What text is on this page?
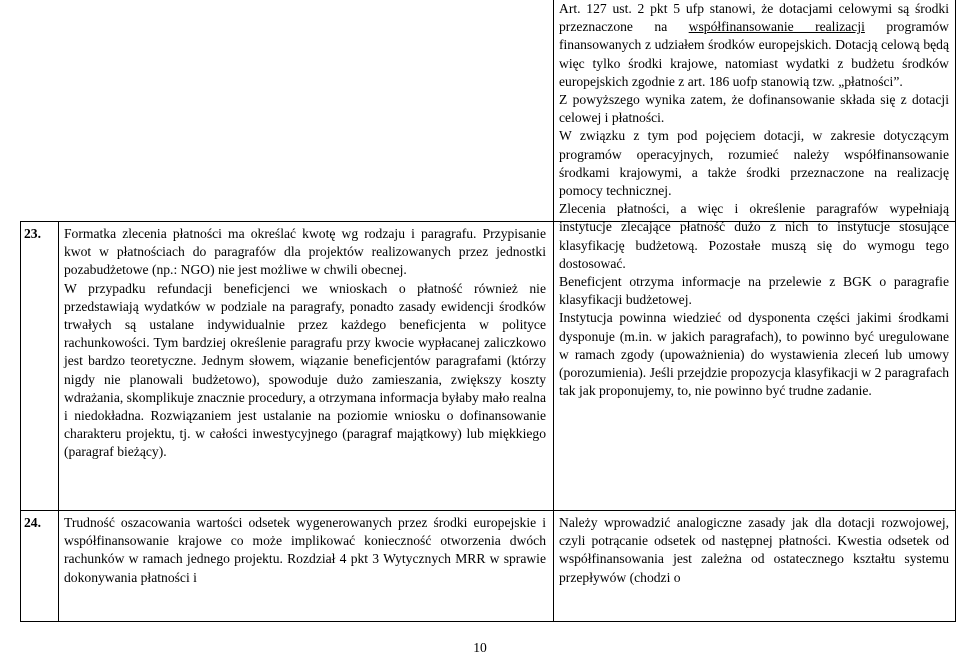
23. Formatka zlecenia płatności ma określać kwotę wg rodzaju i paragrafu. Przypisanie kwot w płatnościach do paragrafów dla projektów realizowanych przez jednostki pozabudżetowe (np.: NGO) nie jest możliwe w chwili obecnej.

W przypadku refundacji beneficjenci we wnioskach o płatność również nie przedstawiają wydatków w podziale na paragrafy, ponadto zasady ewidencji środków trwałych są ustalane indywidualnie przez każdego beneficjenta w polityce rachunkowości. Tym bardziej określenie paragrafu przy kwocie wypłacanej zaliczkowo jest bardzo teoretyczne. Jednym słowem, wiązanie beneficjentów paragrafami (którzy nigdy nie planowali budżetowo), spowoduje dużo zamieszania, zwiększy koszty wdrażania, skomplikuje znacznie procedury, a otrzymana informacja byłaby mało realna i niedokładna. Rozwiązaniem jest ustalanie na poziomie wniosku o dofinansowanie charakteru projektu, tj. w całości inwestycyjnego (paragraf majątkowy) lub miękkiego (paragraf bieżący).

Art. 127 ust. 2 pkt 5 ufp stanowi, że dotacjami celowymi są środki przeznaczone na współfinansowanie realizacji programów finansowanych z udziałem środków europejskich. Dotacją celową będą więc tylko środki krajowe, natomiast wydatki z budżetu środków europejskich zgodnie z art. 186 uofp stanowią tzw. „płatności”.

Z powyższego wynika zatem, że dofinansowanie składa się z dotacji celowej i płatności.

W związku z tym pod pojęciem dotacji, w zakresie dotyczącym programów operacyjnych, rozumieć należy współfinansowanie środkami krajowymi, a także środki przeznaczone na realizację pomocy technicznej.

Zlecenia płatności, a więc i określenie paragrafów wypełniają instytucje zlecające płatność dużo z nich to instytucje stosujące klasyfikację budżetową. Pozostałe muszą się do wymogu tego dostosować.

Beneficjent otrzyma informacje na przelewie z BGK o paragrafie klasyfikacji budżetowej.

Instytucja powinna wiedzieć od dysponenta części jakimi środkami dysponuje (m.in. w jakich paragrafach), to powinno być uregulowane w ramach zgody (upoważnienia) do wystawienia zleceń lub umowy (porozumienia). Jeśli przejdzie propozycja klasyfikacji w 2 paragrafach tak jak proponujemy, to, nie powinno być trudne zadanie.

24. Trudność oszacowania wartości odsetek wygenerowanych przez środki europejskie i współfinansowanie krajowe co może implikować konieczność otworzenia dwóch rachunków w ramach jednego projektu. Rozdział 4 pkt 3 Wytycznych MRR w sprawie dokonywania płatności i

Należy wprowadzić analogiczne zasady jak dla dotacji rozwojowej, czyli potrącanie odsetek od następnej płatności. Kwestia odsetek od współfinansowania jest zależna od ostatecznego kształtu systemu przepływów (chodzi o

10
